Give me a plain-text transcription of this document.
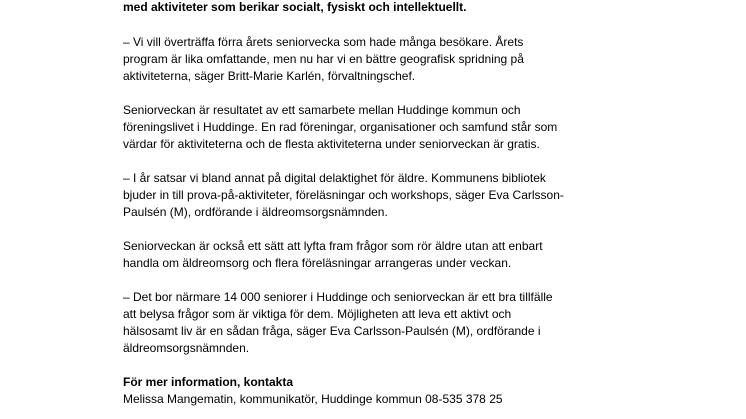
med aktiviteter som berikar socialt, fysiskt och intellektuellt.
– Vi vill överträffa förra årets seniorvecka som hade många besökare. Årets
program är lika omfattande, men nu har vi en bättre geografisk spridning på
aktiviteterna, säger Britt-Marie Karlén, förvaltningschef.
Seniorveckan är resultatet av ett samarbete mellan Huddinge kommun och
föreningslivet i Huddinge. En rad föreningar, organisationer och samfund står som
värdar för aktiviteterna och de flesta aktiviteterna under seniorveckan är gratis.
– I år satsar vi bland annat på digital delaktighet för äldre. Kommunens bibliotek
bjuder in till prova-på-aktiviteter, föreläsningar och workshops, säger Eva Carlsson-
Paulsén (M), ordförande i äldreomsorgsnämnden.
Seniorveckan är också ett sätt att lyfta fram frågor som rör äldre utan att enbart
handla om äldreomsorg och flera föreläsningar arrangeras under veckan.
– Det bor närmare 14 000 seniorer i Huddinge och seniorveckan är ett bra tillfälle
att belysa frågor som är viktiga för dem. Möjligheten att leva ett aktivt och
hälsosamt liv är en sådan fråga, säger Eva Carlsson-Paulsén (M), ordförande i
äldreomsorgsnämnden.
För mer information, kontakta
Melissa Mangematin, kommunikatör, Huddinge kommun 08-535 378 25
